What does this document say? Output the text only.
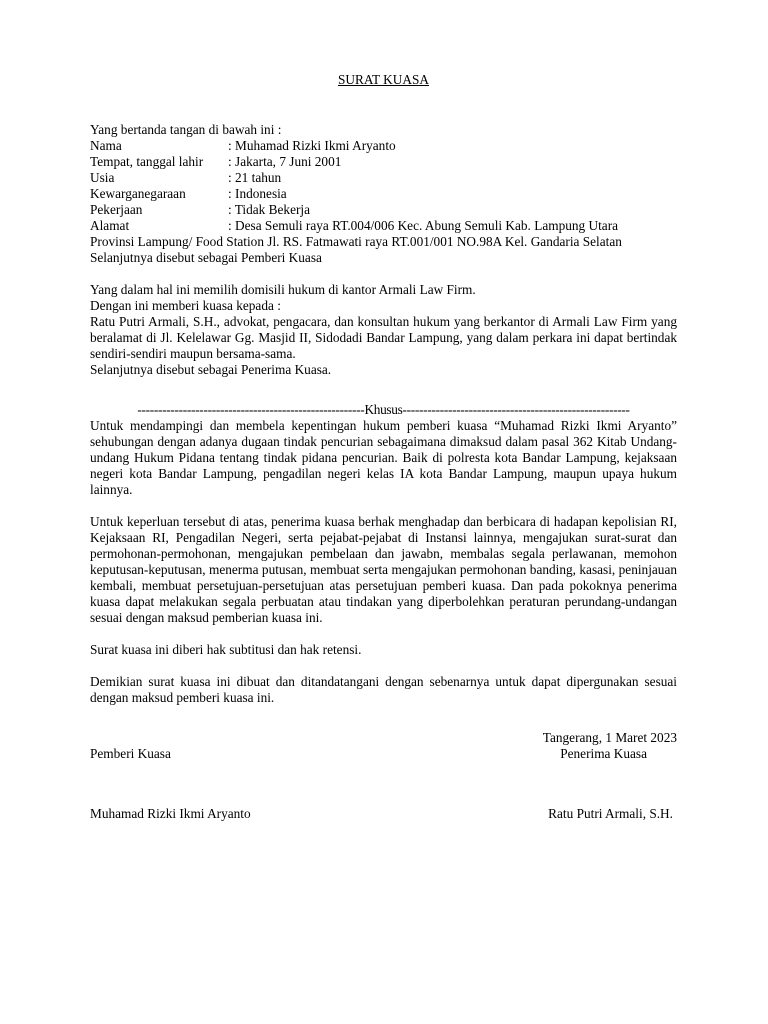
SURAT KUASA
Yang bertanda tangan di bawah ini :
Nama	: Muhamad Rizki Ikmi Aryanto
Tempat, tanggal lahir	: Jakarta, 7 Juni 2001
Usia	: 21 tahun
Kewarganegaraan	: Indonesia
Pekerjaan	: Tidak Bekerja
Alamat	: Desa Semuli raya RT.004/006 Kec. Abung Semuli Kab. Lampung Utara
Provinsi Lampung/ Food Station Jl. RS. Fatmawati raya RT.001/001 NO.98A Kel. Gandaria Selatan
Selanjutnya disebut sebagai Pemberi Kuasa
Yang dalam hal ini memilih domisili hukum di kantor Armali Law Firm.
Dengan ini memberi kuasa kepada :
Ratu Putri Armali, S.H., advokat, pengacara, dan konsultan hukum yang berkantor di Armali Law Firm yang beralamat di Jl. Kelelawar Gg. Masjid II, Sidodadi Bandar Lampung, yang dalam perkara ini dapat bertindak sendiri-sendiri maupun bersama-sama.
Selanjutnya disebut sebagai Penerima Kuasa.
-------------------------------------------------------Khusus-------------------------------------------------------
Untuk mendampingi dan membela kepentingan hukum pemberi kuasa “Muhamad Rizki Ikmi Aryanto” sehubungan dengan adanya dugaan tindak pencurian sebagaimana dimaksud dalam pasal 362 Kitab Undang-undang Hukum Pidana tentang tindak pidana pencurian. Baik di polresta kota Bandar Lampung, kejaksaan negeri kota Bandar Lampung, pengadilan negeri kelas IA kota Bandar Lampung, maupun upaya hukum lainnya.
Untuk keperluan tersebut di atas, penerima kuasa berhak menghadap dan berbicara di hadapan kepolisian RI, Kejaksaan RI, Pengadilan Negeri, serta pejabat-pejabat di Instansi lainnya, mengajukan surat-surat dan permohonan-permohonan, mengajukan pembelaan dan jawabn, membalas segala perlawanan, memohon keputusan-keputusan, menerma putusan, membuat serta mengajukan permohonan banding, kasasi, peninjauan kembali, membuat persetujuan-persetujuan atas persetujuan pemberi kuasa. Dan pada pokoknya penerima kuasa dapat melakukan segala perbuatan atau tindakan yang diperbolehkan peraturan perundang-undangan sesuai dengan maksud pemberian kuasa ini.
Surat kuasa ini diberi hak subtitusi dan hak retensi.
Demikian surat kuasa ini dibuat dan ditandatangani dengan sebenarnya untuk dapat dipergunakan sesuai dengan maksud pemberi kuasa ini.
Tangerang, 1 Maret 2023
Pemberi Kuasa	Penerima Kuasa
Muhamad Rizki Ikmi Aryanto	Ratu Putri Armali, S.H.
